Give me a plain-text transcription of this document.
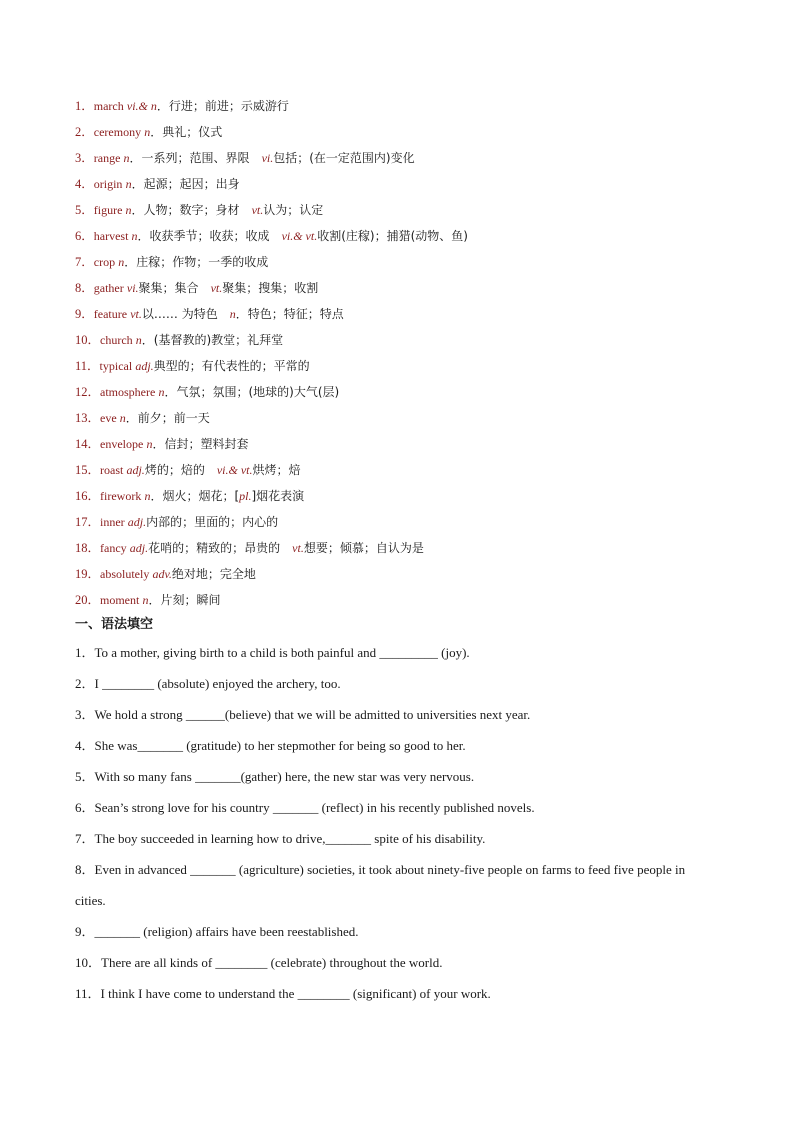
1．march vi.& n．行进；前进；示威游行
2．ceremony n．典礼；仪式
3．range n．一系列；范围、界限　vi.包括；(在一定范围内)变化
4．origin n．起源；起因；出身
5．figure n．人物；数字；身材　vt.认为；认定
6．harvest n．收获季节；收获；收成　vi.& vt.收割(庄稼)；捕猎(动物、鱼)
7．crop n．庄稼；作物；一季的收成
8．gather vi.聚集；集合　vt.聚集；搜集；收割
9．feature vt.以…… 为特色　n．特色；特征；特点
10．church n．(基督教的)教堂；礼拜堂
11．typical adj.典型的；有代表性的；平常的
12．atmosphere n．气氛；氛围；(地球的)大气(层)
13．eve n．前夕；前一天
14．envelope n．信封；塑料封套
15．roast adj.烤的；焙的　vi.& vt.烘烤；焙
16．firework n．烟火；烟花；[pl.]烟花表演
17．inner adj.内部的；里面的；内心的
18．fancy adj.花哨的；精致的；昂贵的　vt.想要；倾慕；自认为是
19．absolutely adv.绝对地；完全地
20．moment n．片刻；瞬间
一、语法填空
1．To a mother, giving birth to a child is both painful and _________ (joy).
2．I ________ (absolute) enjoyed the archery, too.
3．We hold a strong ______(believe) that we will be admitted to universities next year.
4．She was_______ (gratitude) to her stepmother for being so good to her.
5．With so many fans _______(gather) here, the new star was very nervous.
6．Sean’s strong love for his country _______ (reflect) in his recently published novels.
7．The boy succeeded in learning how to drive,_______ spite of his disability.
8．Even in advanced _______ (agriculture) societies, it took about ninety-five people on farms to feed five people in cities.
9．_______ (religion) affairs have been reestablished.
10．There are all kinds of ________ (celebrate) throughout the world.
11．I think I have come to understand the ________ (significant) of your work.
